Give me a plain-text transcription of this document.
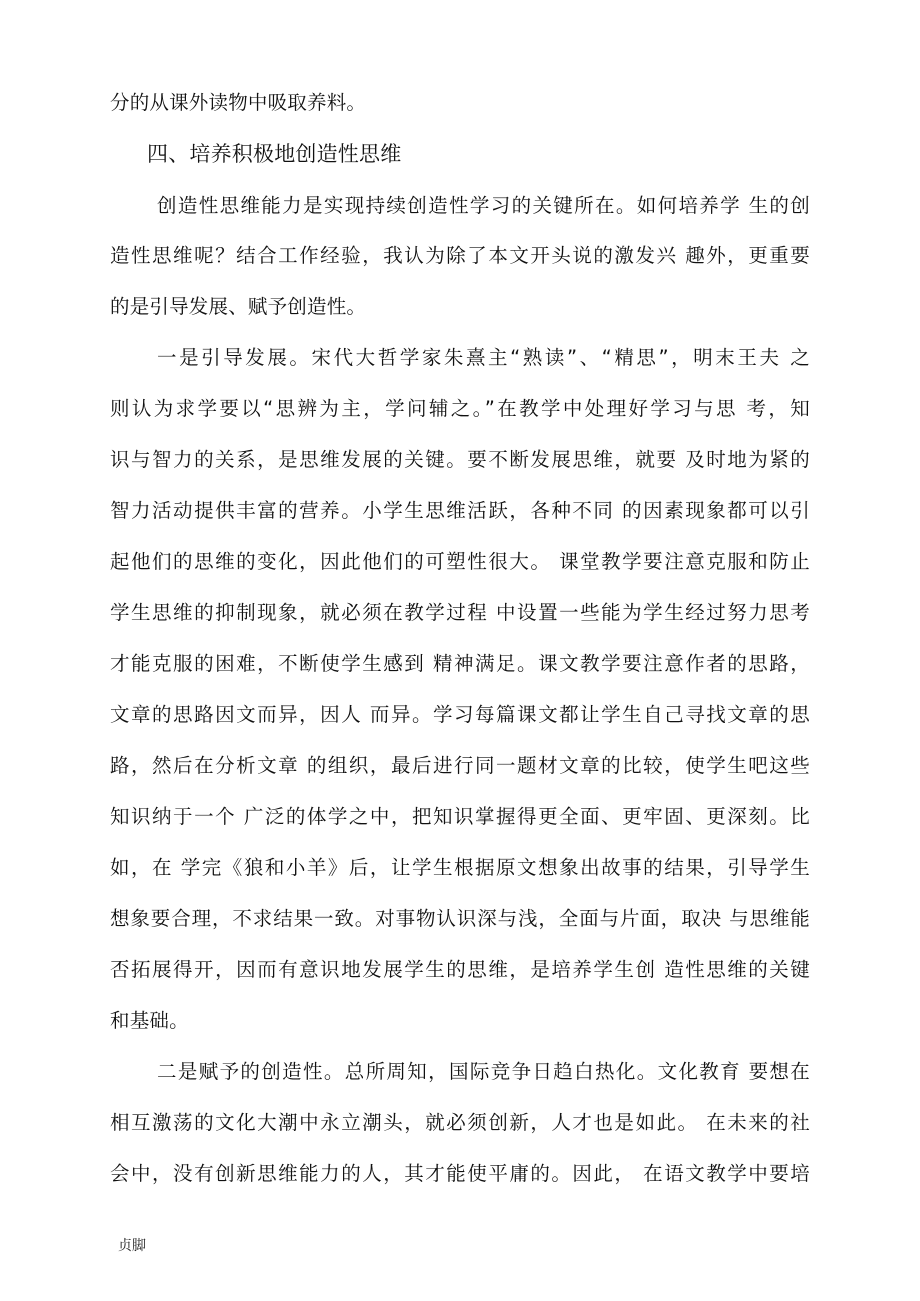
分的从课外读物中吸取养料。
四、培养积极地创造性思维
创造性思维能力是实现持续创造性学习的关键所在。如何培养学 生的创
造性思维呢？结合工作经验，我认为除了本文开头说的激发兴 趣外，更重要
的是引导发展、赋予创造性。
一是引导发展。宋代大哲学家朱熹主“熟读”、“精思”，明末王夫 之
则认为求学要以“思辨为主，学问辅之。”在教学中处理好学习与思 考，知
识与智力的关系，是思维发展的关键。要不断发展思维，就要 及时地为紧的
智力活动提供丰富的营养。小学生思维活跃，各种不同 的因素现象都可以引
起他们的思维的变化，因此他们的可塑性很大。 课堂教学要注意克服和防止
学生思维的抑制现象，就必须在教学过程 中设置一些能为学生经过努力思考
才能克服的困难，不断使学生感到 精神满足。课文教学要注意作者的思路，
文章的思路因文而异，因人 而异。学习每篇课文都让学生自己寻找文章的思
路，然后在分析文章 的组织，最后进行同一题材文章的比较，使学生吧这些
知识纳于一个 广泛的体学之中，把知识掌握得更全面、更牢固、更深刻。比
如，在 学完《狼和小羊》后，让学生根据原文想象出故事的结果，引导学生
想象要合理，不求结果一致。对事物认识深与浅，全面与片面，取决 与思维能
否拓展得开，因而有意识地发展学生的思维，是培养学生创 造性思维的关键
和基础。
二是赋予的创造性。总所周知，国际竞争日趋白热化。文化教育 要想在
相互激荡的文化大潮中永立潮头，就必须创新，人才也是如此。 在未来的社
会中，没有创新思维能力的人，其才能使平庸的。因此， 在语文教学中要培
贞脚
